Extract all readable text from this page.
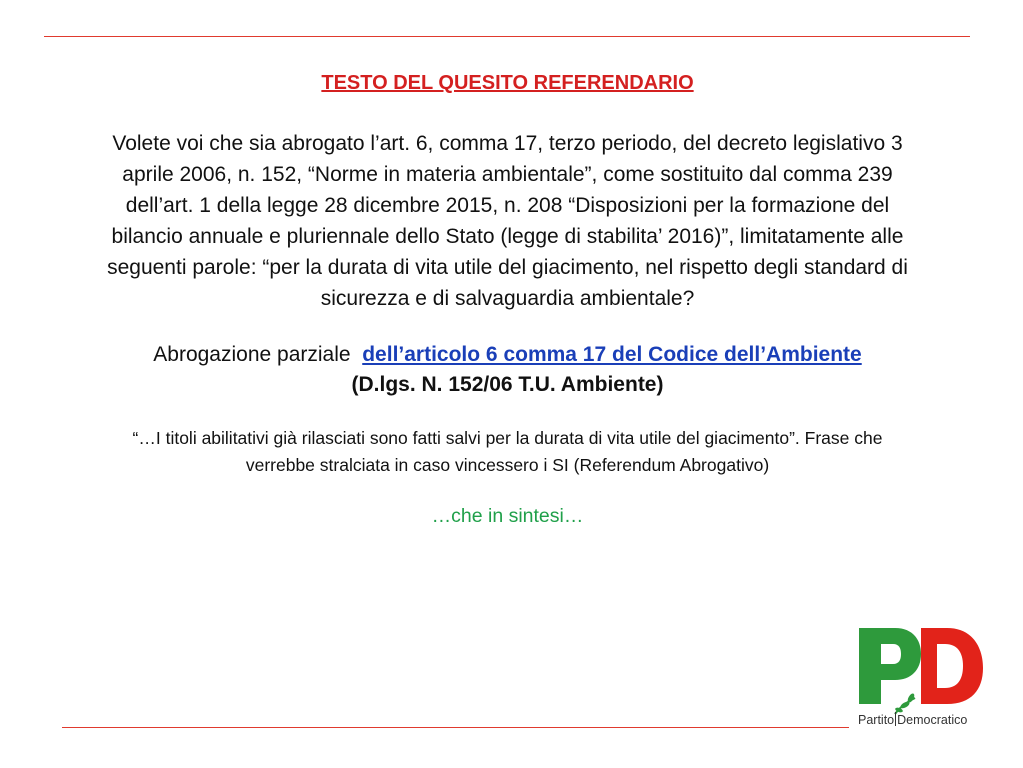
TESTO DEL QUESITO REFERENDARIO

Volete voi che sia abrogato l’art. 6, comma 17, terzo periodo, del decreto legislativo 3 aprile 2006, n. 152, “Norme in materia ambientale”, come sostituito dal comma 239 dell’art. 1 della legge 28 dicembre 2015, n. 208 “Disposizioni per la formazione del bilancio annuale e pluriennale dello Stato (legge di stabilita’ 2016)”, limitatamente alle seguenti parole: “per la durata di vita utile del giacimento, nel rispetto degli standard di sicurezza e di salvaguardia ambientale?

Abrogazione parziale dell’articolo 6 comma 17 del Codice dell’Ambiente

(D.lgs. N. 152/06 T.U. Ambiente)

“…I titoli abilitativi già rilasciati sono fatti salvi per la durata di vita utile del giacimento”. Frase che verrebbe stralciata in caso vincessero i SI (Referendum Abrogativo)

…che in sintesi…

Partito Democratico
